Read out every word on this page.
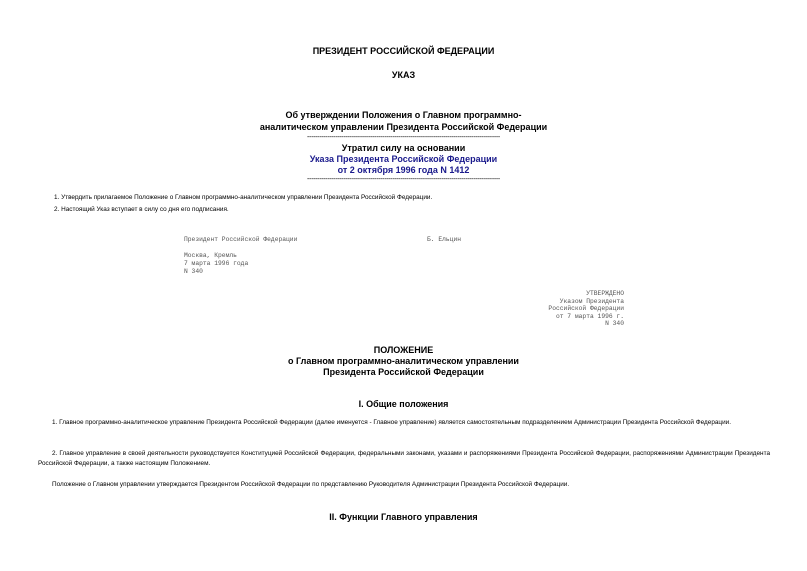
ПРЕЗИДЕНТ РОССИЙСКОЙ ФЕДЕРАЦИИ
УКАЗ
Об утверждении Положения о Главном программно-
аналитическом управлении Президента Российской Федерации
-----------------------------------------------------------------------------------------------
Утратил силу на основании
Указа Президента Российской Федерации
от 2 октября 1996 года N 1412
-----------------------------------------------------------------------------------------------
1. Утвердить прилагаемое Положение о Главном программно-аналитическом управлении Президента Российской Федерации.
2. Настоящий Указ вступает в силу со дня его подписания.
Президент Российской Федерации	Б. Ельцин
Москва, Кремль
7 марта 1996 года
N 340
УТВЕРЖДЕНО
Указом Президента
Российской Федерации
от 7 марта 1996 г.
N 340
ПОЛОЖЕНИЕ
о Главном программно-аналитическом управлении
Президента Российской Федерации
I. Общие положения
1. Главное программно-аналитическое управление Президента Российской Федерации (далее именуется - Главное управление) является самостоятельным подразделением Администрации Президента Российской Федерации.
2. Главное управление в своей деятельности руководствуется Конституцией Российской Федерации, федеральными законами, указами и распоряжениями Президента Российской Федерации, распоряжениями Администрации Президента Российской Федерации, а также настоящим Положением.
Положение о Главном управлении утверждается Президентом Российской Федерации по представлению Руководителя Администрации Президента Российской Федерации.
II. Функции Главного управления
